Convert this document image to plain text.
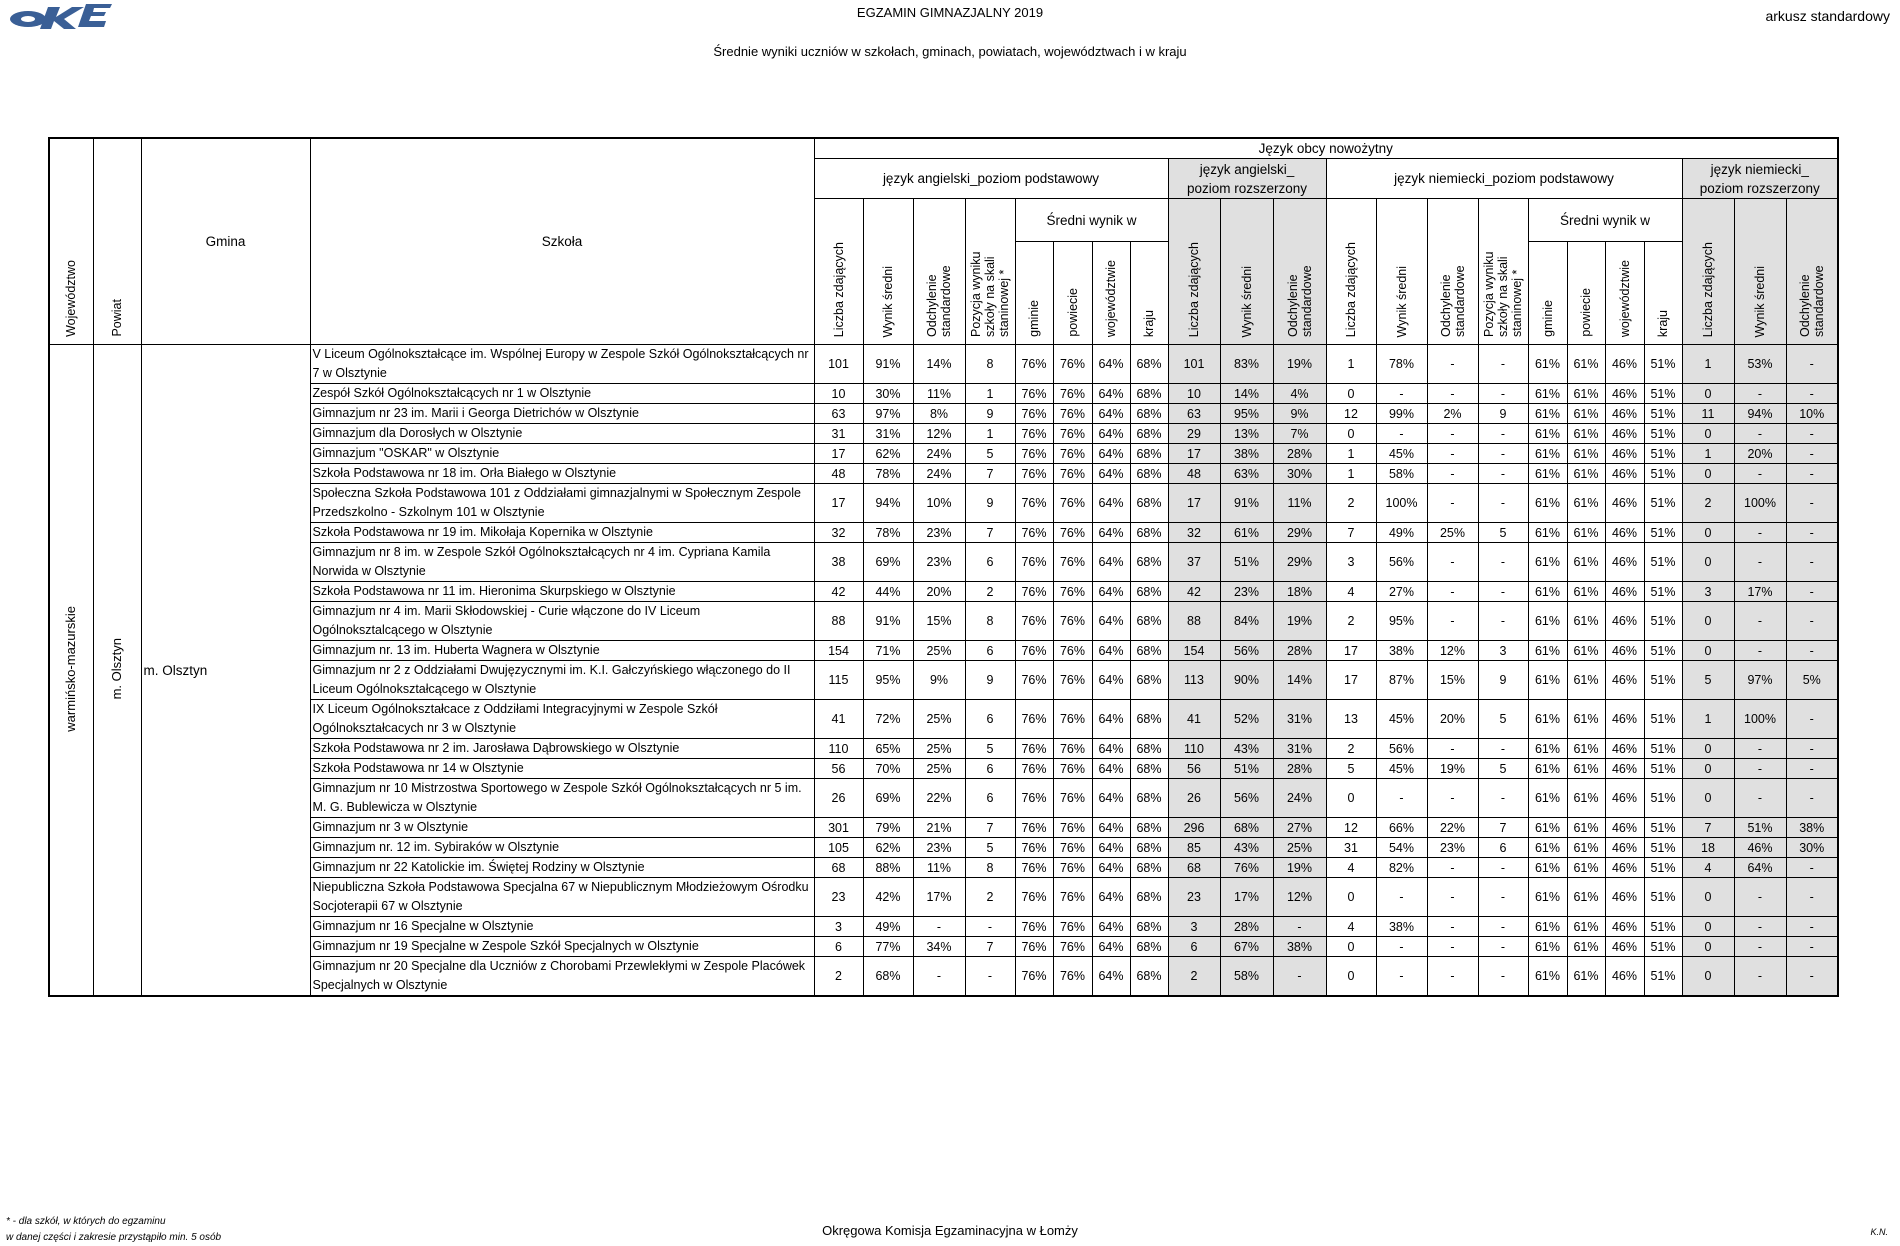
EGZAMIN GIMNAZJALNY 2019
Średnie wyniki uczniów w szkołach, gminach, powiatach, województwach i w kraju
arkusz standardowy
Województwo	Powiat	Gmina	Szkoła	Język obcy nowożytny																					
				język angielski_poziom podstawowy								język angielski_ poziom rozszerzony			język niemiecki_poziom podstawowy								język niemiecki_ poziom rozszerzony		
				Liczba zdających	Wynik średni	Odchylenie standardowe	Pozycja wyniku szkoły na skali staninowej *	Średni wynik w				Liczba zdających	Wynik średni	Odchylenie standardowe	Liczba zdających	Wynik średni	Odchylenie standardowe	Pozycja wyniku szkoły na skali staninowej *	Średni wynik w				Liczba zdających	Wynik średni	Odchylenie standardowe
								gminie	powiecie	województwie	kraju								gminie	powiecie	województwie	kraju			
warmińsko-mazurskie	m. Olsztyn	m. Olsztyn	V Liceum Ogólnokształcące im. Wspólnej Europy w Zespole Szkół Ogólnokształcących nr 7 w Olsztynie	101	91%	14%	8	76%	76%	64%	68%	101	83%	19%	1	78%	-	-	61%	61%	46%	51%	1	53%	-
			Zespół Szkół Ogólnokształcących nr 1 w Olsztynie	10	30%	11%	1	76%	76%	64%	68%	10	14%	4%	0	-	-	-	61%	61%	46%	51%	0	-	-
			Gimnazjum nr 23 im. Marii i Georga Dietrichów w Olsztynie	63	97%	8%	9	76%	76%	64%	68%	63	95%	9%	12	99%	2%	9	61%	61%	46%	51%	11	94%	10%
			Gimnazjum dla Dorosłych w Olsztynie	31	31%	12%	1	76%	76%	64%	68%	29	13%	7%	0	-	-	-	61%	61%	46%	51%	0	-	-
			Gimnazjum "OSKAR" w Olsztynie	17	62%	24%	5	76%	76%	64%	68%	17	38%	28%	1	45%	-	-	61%	61%	46%	51%	1	20%	-
			Szkoła Podstawowa nr 18 im. Orła Białego w Olsztynie	48	78%	24%	7	76%	76%	64%	68%	48	63%	30%	1	58%	-	-	61%	61%	46%	51%	0	-	-
			Społeczna Szkoła Podstawowa 101 z Oddziałami gimnazjalnymi w Społecznym Zespole Przedszkolno - Szkolnym 101 w Olsztynie	17	94%	10%	9	76%	76%	64%	68%	17	91%	11%	2	100%	-	-	61%	61%	46%	51%	2	100%	-
			Szkoła Podstawowa nr 19 im. Mikołaja Kopernika w Olsztynie	32	78%	23%	7	76%	76%	64%	68%	32	61%	29%	7	49%	25%	5	61%	61%	46%	51%	0	-	-
			Gimnazjum nr 8 im. w Zespole Szkół Ogólnokształcących nr 4 im. Cypriana Kamila Norwida w Olsztynie	38	69%	23%	6	76%	76%	64%	68%	37	51%	29%	3	56%	-	-	61%	61%	46%	51%	0	-	-
			Szkoła Podstawowa nr 11 im. Hieronima Skurpskiego w Olsztynie	42	44%	20%	2	76%	76%	64%	68%	42	23%	18%	4	27%	-	-	61%	61%	46%	51%	3	17%	-
			Gimnazjum nr 4 im. Marii Skłodowskiej - Curie włączone do IV Liceum Ogólnoksztalcącego w Olsztynie	88	91%	15%	8	76%	76%	64%	68%	88	84%	19%	2	95%	-	-	61%	61%	46%	51%	0	-	-
			Gimnazjum nr. 13 im. Huberta Wagnera w Olsztynie	154	71%	25%	6	76%	76%	64%	68%	154	56%	28%	17	38%	12%	3	61%	61%	46%	51%	0	-	-
			Gimnazjum nr 2 z Oddziałami Dwujęzycznymi im. K.I. Gałczyńskiego włączonego do II Liceum Ogólnokształcącego w Olsztynie	115	95%	9%	9	76%	76%	64%	68%	113	90%	14%	17	87%	15%	9	61%	61%	46%	51%	5	97%	5%
			IX Liceum Ogólnokształcace z Oddziłami Integracyjnymi w Zespole Szkół Ogólnokształcacych nr 3 w Olsztynie	41	72%	25%	6	76%	76%	64%	68%	41	52%	31%	13	45%	20%	5	61%	61%	46%	51%	1	100%	-
			Szkoła Podstawowa nr 2 im. Jarosława Dąbrowskiego w Olsztynie	110	65%	25%	5	76%	76%	64%	68%	110	43%	31%	2	56%	-	-	61%	61%	46%	51%	0	-	-
			Szkoła Podstawowa nr 14 w Olsztynie	56	70%	25%	6	76%	76%	64%	68%	56	51%	28%	5	45%	19%	5	61%	61%	46%	51%	0	-	-
			Gimnazjum nr 10 Mistrzostwa Sportowego w Zespole Szkół Ogólnokształcących nr 5 im. M. G. Bublewicza w Olsztynie	26	69%	22%	6	76%	76%	64%	68%	26	56%	24%	0	-	-	-	61%	61%	46%	51%	0	-	-
			Gimnazjum nr 3 w Olsztynie	301	79%	21%	7	76%	76%	64%	68%	296	68%	27%	12	66%	22%	7	61%	61%	46%	51%	7	51%	38%
			Gimnazjum nr. 12 im. Sybiraków w Olsztynie	105	62%	23%	5	76%	76%	64%	68%	85	43%	25%	31	54%	23%	6	61%	61%	46%	51%	18	46%	30%
			Gimnazjum nr 22 Katolickie im. Świętej Rodziny w Olsztynie	68	88%	11%	8	76%	76%	64%	68%	68	76%	19%	4	82%	-	-	61%	61%	46%	51%	4	64%	-
			Niepubliczna Szkoła Podstawowa Specjalna 67 w Niepublicznym Młodzieżowym Ośrodku Socjoterapii 67 w Olsztynie	23	42%	17%	2	76%	76%	64%	68%	23	17%	12%	0	-	-	-	61%	61%	46%	51%	0	-	-
			Gimnazjum nr 16 Specjalne w Olsztynie	3	49%	-	-	76%	76%	64%	68%	3	28%	-	4	38%	-	-	61%	61%	46%	51%	0	-	-
			Gimnazjum nr 19 Specjalne w Zespole Szkół Specjalnych w Olsztynie	6	77%	34%	7	76%	76%	64%	68%	6	67%	38%	0	-	-	-	61%	61%	46%	51%	0	-	-
			Gimnazjum nr 20 Specjalne dla Uczniów z Chorobami Przewlekłymi w Zespole Placówek Specjalnych w Olsztynie	2	68%	-	-	76%	76%	64%	68%	2	58%	-	0	-	-	-	61%	61%	46%	51%	0	-	-
* - dla szkół, w których do egzaminu
w danej części i zakresie przystąpiło min. 5 osób	Okręgowa Komisja Egzaminacyjna w Łomży	K.N.
